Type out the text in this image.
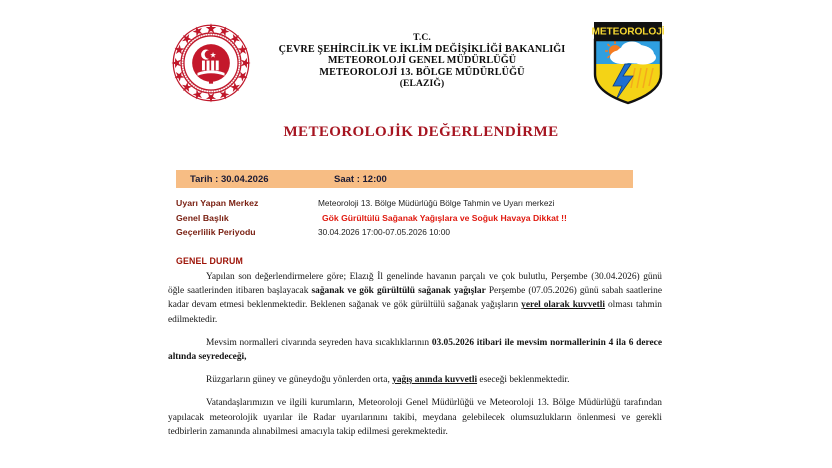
T.C.
ÇEVRE ŞEHİRCİLİK VE İKLİM DEĞİŞİKLİĞİ BAKANLIĞI
METEOROLOJİ GENEL MÜDÜRLÜĞÜ
METEOROLOJİ 13. BÖLGE MÜDÜRLÜĞÜ
(ELAZIĞ)
METEOROLOJİ
METEOROLOJİK DEĞERLENDİRME
Tarih : 30.04.2026	Saat : 12:00
Uyarı Yapan Merkez	Meteoroloji 13. Bölge Müdürlüğü Bölge Tahmin ve Uyarı merkezi
Genel Başlık	Gök Gürültülü Sağanak Yağışlara ve Soğuk Havaya Dikkat !!
Geçerlilik Periyodu	30.04.2026 17:00-07.05.2026 10:00
GENEL DURUM

Yapılan son değerlendirmelere göre; Elazığ İl genelinde havanın parçalı ve çok bulutlu, Perşembe (30.04.2026) günü öğle saatlerinden itibaren başlayacak sağanak ve gök gürültülü sağanak yağışlar Perşembe (07.05.2026) günü sabah saatlerine kadar devam etmesi beklenmektedir. Beklenen sağanak ve gök gürültülü sağanak yağışların yerel olarak kuvvetli olması tahmin edilmektedir.

Mevsim normalleri civarında seyreden hava sıcaklıklarının 03.05.2026 itibari ile mevsim normallerinin 4 ila 6 derece altında seyredeceği,

Rüzgarların güney ve güneydoğu yönlerden orta, yağış anında kuvvetli eseceği beklenmektedir.

Vatandaşlarımızın ve ilgili kurumların, Meteoroloji Genel Müdürlüğü ve Meteoroloji 13. Bölge Müdürlüğü tarafından yapılacak meteorolojik uyarılar ile Radar uyarılarınını takibi, meydana gelebilecek olumsuzlukların önlenmesi ve gerekli tedbirlerin zamanında alınabilmesi amacıyla takip edilmesi gerekmektedir.
